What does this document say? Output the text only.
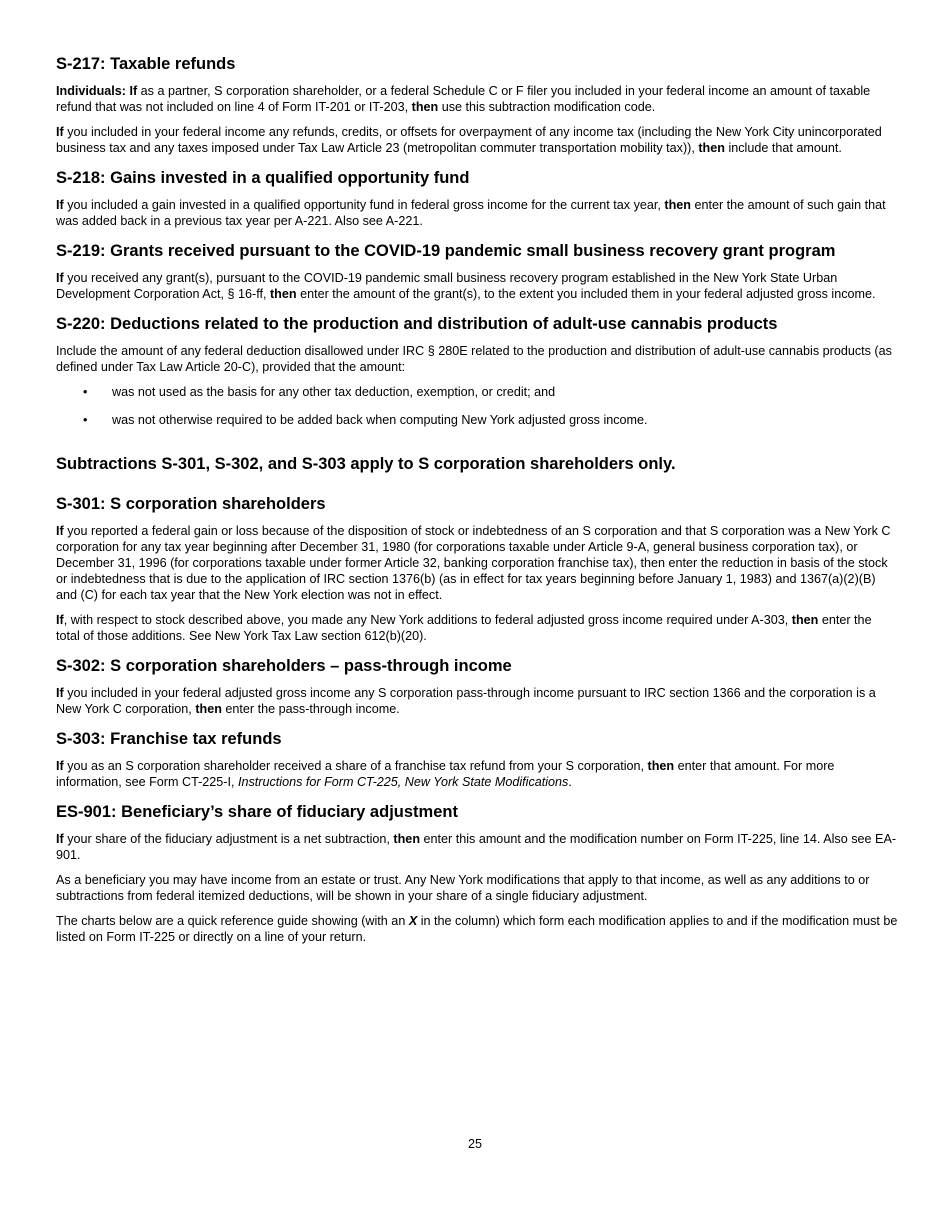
S-217: Taxable refunds

Individuals: If as a partner, S corporation shareholder, or a federal Schedule C or F filer you included in your federal income an amount of taxable refund that was not included on line 4 of Form IT-201 or IT-203, then use this subtraction modification code.

If you included in your federal income any refunds, credits, or offsets for overpayment of any income tax (including the New York City unincorporated business tax and any taxes imposed under Tax Law Article 23 (metropolitan commuter transportation mobility tax)), then include that amount.

S-218: Gains invested in a qualified opportunity fund

If you included a gain invested in a qualified opportunity fund in federal gross income for the current tax year, then enter the amount of such gain that was added back in a previous tax year per A-221. Also see A-221.

S-219: Grants received pursuant to the COVID-19 pandemic small business recovery grant program

If you received any grant(s), pursuant to the COVID-19 pandemic small business recovery program established in the New York State Urban Development Corporation Act, § 16-ff, then enter the amount of the grant(s), to the extent you included them in your federal adjusted gross income.

S-220: Deductions related to the production and distribution of adult-use cannabis products

Include the amount of any federal deduction disallowed under IRC § 280E related to the production and distribution of adult-use cannabis products (as defined under Tax Law Article 20-C), provided that the amount:

• was not used as the basis for any other tax deduction, exemption, or credit; and
• was not otherwise required to be added back when computing New York adjusted gross income.
Subtractions S-301, S-302, and S-303 apply to S corporation shareholders only.
S-301: S corporation shareholders

If you reported a federal gain or loss because of the disposition of stock or indebtedness of an S corporation and that S corporation was a New York C corporation for any tax year beginning after December 31, 1980 (for corporations taxable under Article 9-A, general business corporation tax), or December 31, 1996 (for corporations taxable under former Article 32, banking corporation franchise tax), then enter the reduction in basis of the stock or indebtedness that is due to the application of IRC section 1376(b) (as in effect for tax years beginning before January 1, 1983) and 1367(a)(2)(B) and (C) for each tax year that the New York election was not in effect.

If, with respect to stock described above, you made any New York additions to federal adjusted gross income required under A-303, then enter the total of those additions. See New York Tax Law section 612(b)(20).

S-302: S corporation shareholders – pass-through income

If you included in your federal adjusted gross income any S corporation pass-through income pursuant to IRC section 1366 and the corporation is a New York C corporation, then enter the pass-through income.

S-303: Franchise tax refunds

If you as an S corporation shareholder received a share of a franchise tax refund from your S corporation, then enter that amount. For more information, see Form CT-225-I, Instructions for Form CT-225, New York State Modifications.

ES-901: Beneficiary’s share of fiduciary adjustment

If your share of the fiduciary adjustment is a net subtraction, then enter this amount and the modification number on Form IT-225, line 14. Also see EA-901.

As a beneficiary you may have income from an estate or trust. Any New York modifications that apply to that income, as well as any additions to or subtractions from federal itemized deductions, will be shown in your share of a single fiduciary adjustment.

The charts below are a quick reference guide showing (with an X in the column) which form each modification applies to and if the modification must be listed on Form IT-225 or directly on a line of your return.

25
